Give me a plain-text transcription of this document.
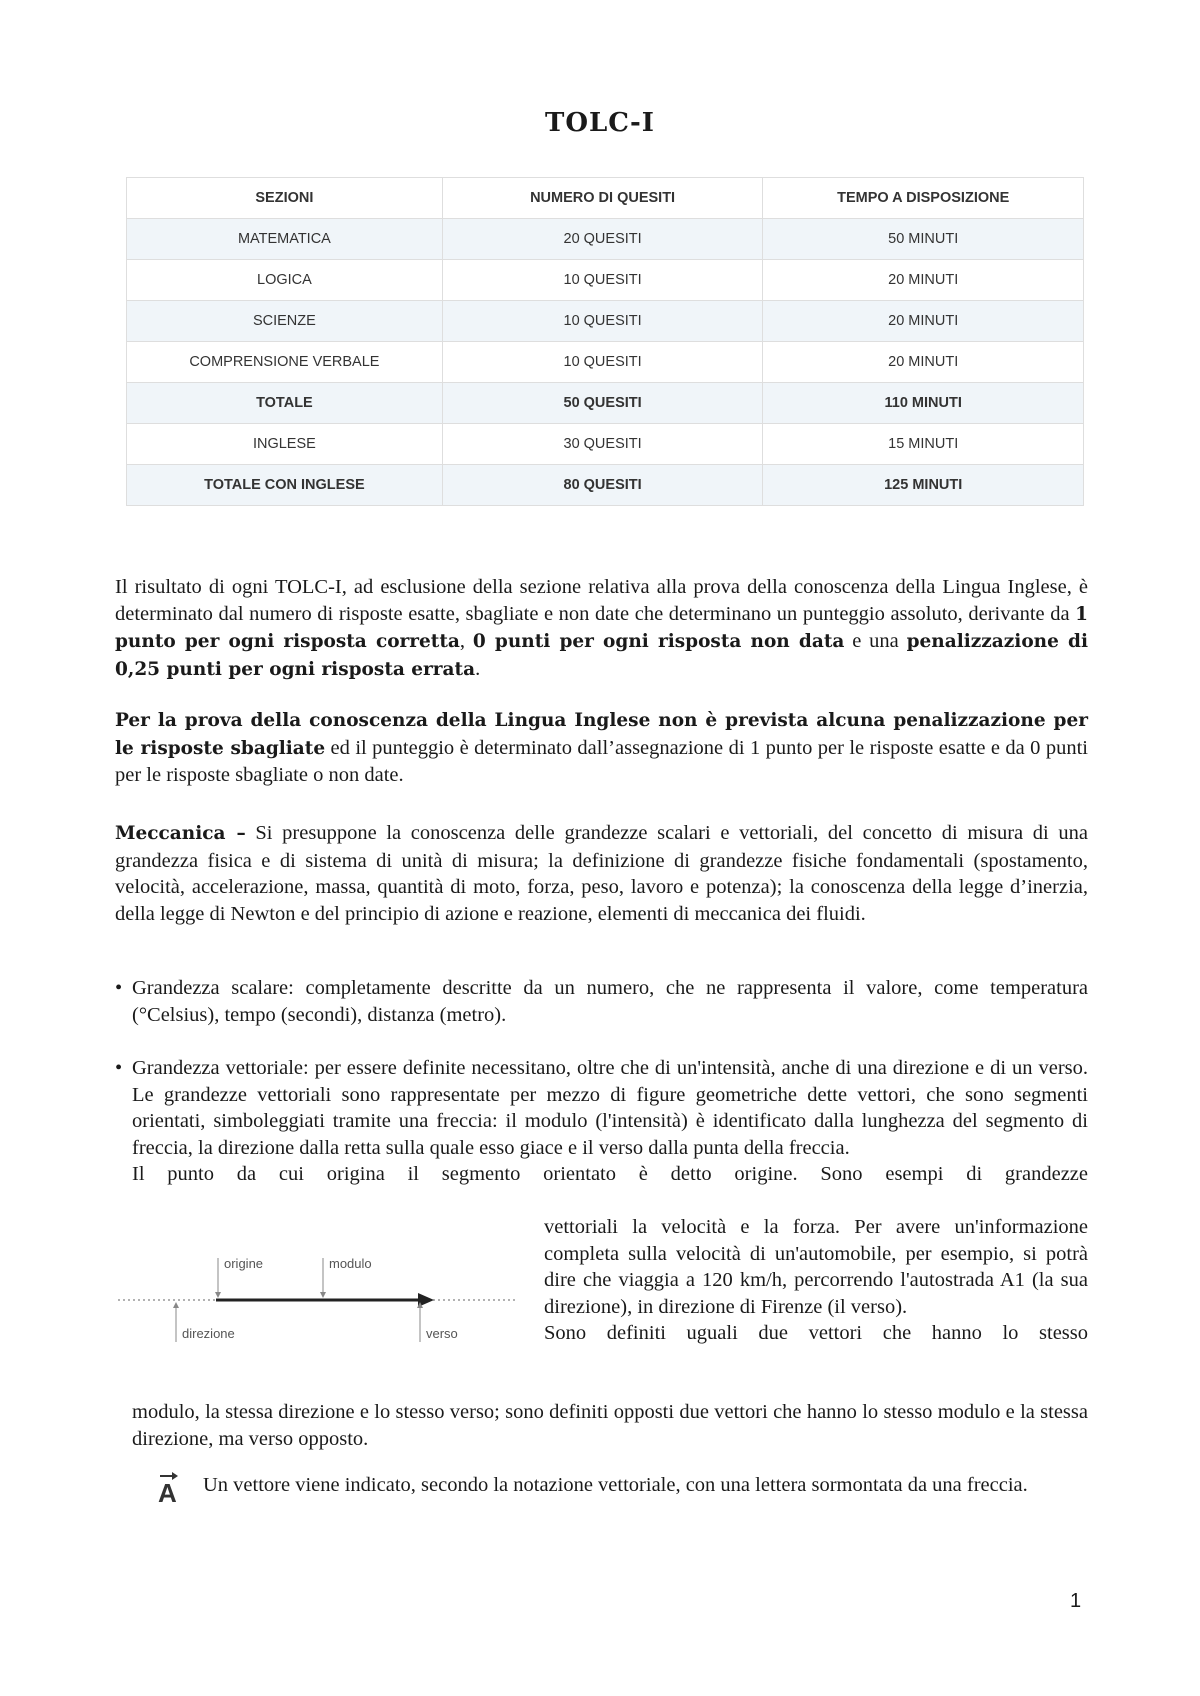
TOLC-I
SEZIONI	NUMERO DI QUESITI	TEMPO A DISPOSIZIONE
MATEMATICA	20 QUESITI	50 MINUTI
LOGICA	10 QUESITI	20 MINUTI
SCIENZE	10 QUESITI	20 MINUTI
COMPRENSIONE VERBALE	10 QUESITI	20 MINUTI
TOTALE	50 QUESITI	110 MINUTI
INGLESE	30 QUESITI	15 MINUTI
TOTALE CON INGLESE	80 QUESITI	125 MINUTI
Il risultato di ogni TOLC-I, ad esclusione della sezione relativa alla prova della conoscenza della Lingua Inglese, è determinato dal numero di risposte esatte, sbagliate e non date che determinano un punteggio assoluto, derivante da 1 punto per ogni risposta corretta, 0 punti per ogni risposta non data e una penalizzazione di 0,25 punti per ogni risposta errata.
Per la prova della conoscenza della Lingua Inglese non è prevista alcuna penalizzazione per le risposte sbagliate ed il punteggio è determinato dall’assegnazione di 1 punto per le risposte esatte e da 0 punti per le risposte sbagliate o non date.
Meccanica – Si presuppone la conoscenza delle grandezze scalari e vettoriali, del concetto di misura di una grandezza fisica e di sistema di unità di misura; la definizione di grandezze fisiche fondamentali (spostamento, velocità, accelerazione, massa, quantità di moto, forza, peso, lavoro e potenza); la conoscenza della legge d’inerzia, della legge di Newton e del principio di azione e reazione, elementi di meccanica dei fluidi.
• Grandezza scalare: completamente descritte da un numero, che ne rappresenta il valore, come temperatura (°Celsius), tempo (secondi), distanza (metro).
• Grandezza vettoriale: per essere definite necessitano, oltre che di un'intensità, anche di una direzione e di un verso. Le grandezze vettoriali sono rappresentate per mezzo di figure geometriche dette vettori, che sono segmenti orientati, simboleggiati tramite una freccia: il modulo (l'intensità) è identificato dalla lunghezza del segmento di freccia, la direzione dalla retta sulla quale esso giace e il verso dalla punta della freccia.
Il punto da cui origina il segmento orientato è detto origine. Sono esempi di grandezze
origine	modulo
direzione	verso
vettoriali la velocità e la forza. Per avere un'informazione completa sulla velocità di un'automobile, per esempio, si potrà dire che viaggia a 120 km/h, percorrendo l'autostrada A1 (la sua direzione), in direzione di Firenze (il verso).
Sono definiti uguali due vettori che hanno lo stesso
modulo, la stessa direzione e lo stesso verso; sono definiti opposti due vettori che hanno lo stesso modulo e la stessa direzione, ma verso opposto.
A Un vettore viene indicato, secondo la notazione vettoriale, con una lettera sormontata da una freccia.
1
